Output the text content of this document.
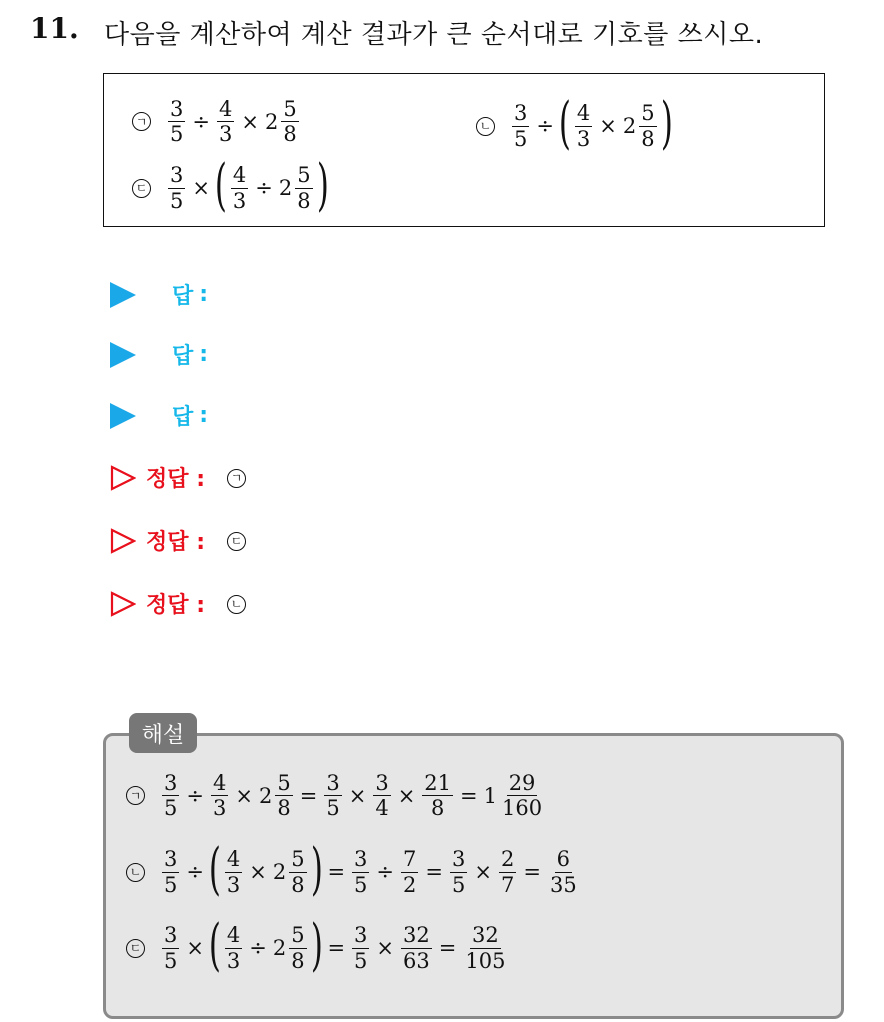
11. 다음을 계산하여 계산 결과가 큰 순서대로 기호를 쓰시오.
ㄱ $\frac{3}{5} \div \frac{4}{3} \times 2 \frac{5}{8}$	ㄴ $\frac{3}{5}$ ÷ ( $\frac{4}{3} \times 2 \frac{5}{8}$ )
ㄷ $\frac{3}{5}$ × ( $\frac{4}{3} \div 2 \frac{5}{8}$ )
답 :
답 :
답 :
정답 :	ㄱ
정답 :	ㄷ
정답 :	ㄴ
해설
ㄱ $\frac{3}{5} \div \frac{4}{3} \times 2 \frac{5}{8} = \frac{3}{5} \times \frac{3}{4} \times \frac{21}{8} = 1 \frac{29}{160}$
ㄴ $\frac{3}{5}$ ÷ ( $\frac{4}{3} \times 2 \frac{5}{8}$ ) = $\frac{3}{5} \div \frac{7}{2} = \frac{3}{5} \times \frac{2}{7} = \frac{6}{35}$
ㄷ $\frac{3}{5}$ × ( $\frac{4}{3} \div 2 \frac{5}{8}$ ) = $\frac{3}{5} \times \frac{32}{63} = \frac{32}{105}$
